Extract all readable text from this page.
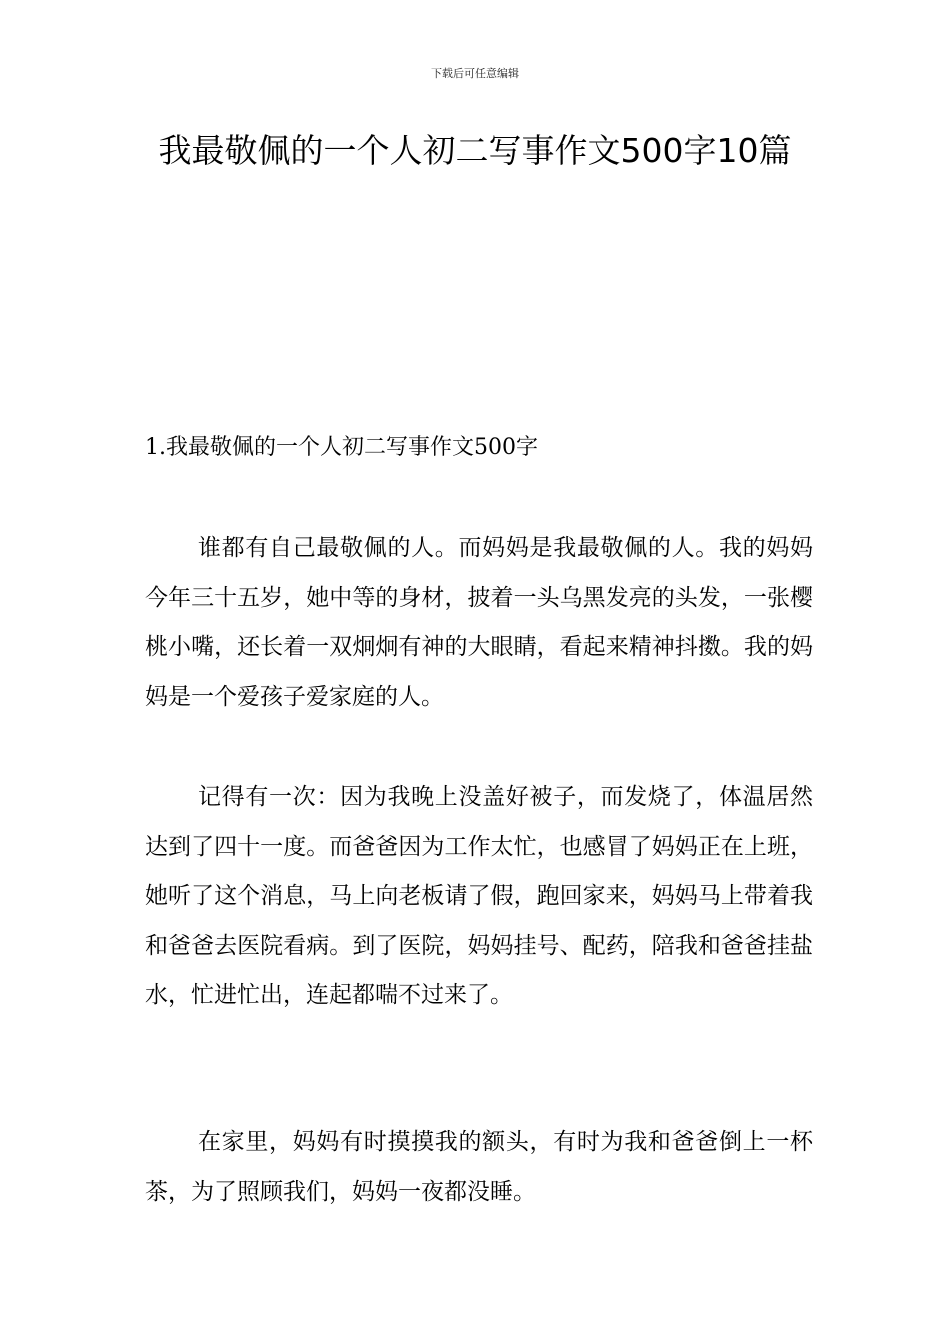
下载后可任意编辑
我最敬佩的一个人初二写事作文500字10篇
1.我最敬佩的一个人初二写事作文500字

谁都有自己最敬佩的人。而妈妈是我最敬佩的人。我的妈妈今年三十五岁，她中等的身材，披着一头乌黑发亮的头发，一张樱桃小嘴，还长着一双炯炯有神的大眼睛，看起来精神抖擞。我的妈妈是一个爱孩子爱家庭的人。

记得有一次：因为我晚上没盖好被子，而发烧了，体温居然达到了四十一度。而爸爸因为工作太忙，也感冒了妈妈正在上班，她听了这个消息，马上向老板请了假，跑回家来，妈妈马上带着我和爸爸去医院看病。到了医院，妈妈挂号、配药，陪我和爸爸挂盐水，忙进忙出，连起都喘不过来了。

在家里，妈妈有时摸摸我的额头，有时为我和爸爸倒上一杯茶，为了照顾我们，妈妈一夜都没睡。
